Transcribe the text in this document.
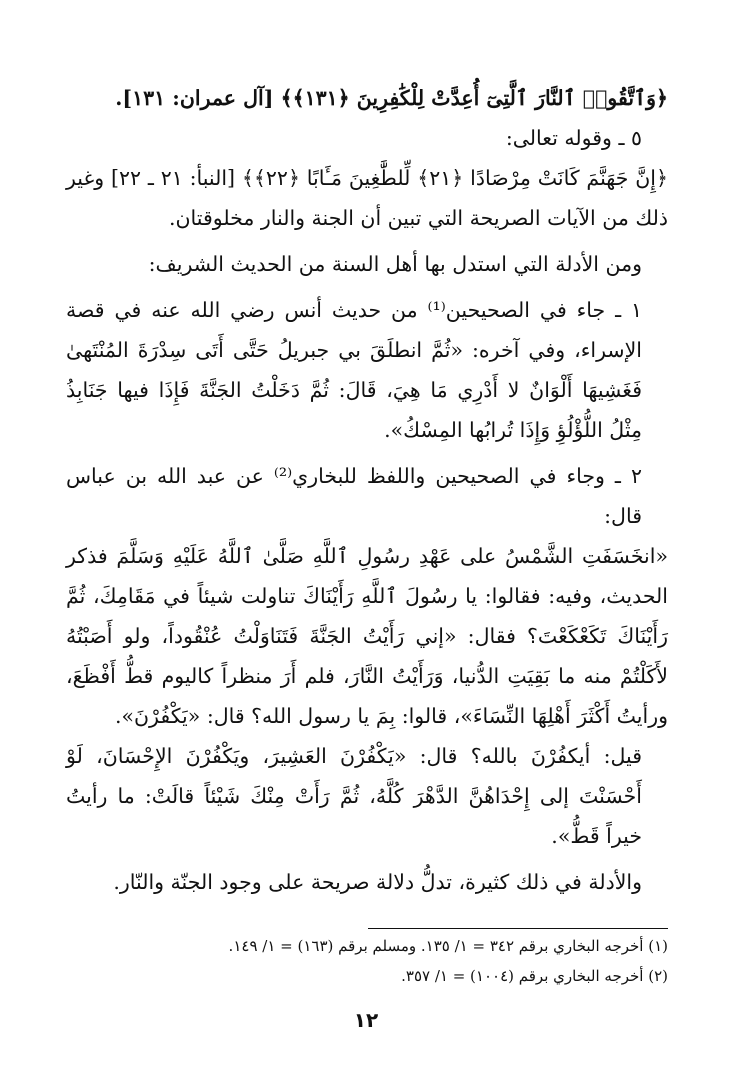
﴿وَٱتَّقُوا۟ ٱلنَّارَ ٱلَّتِىٓ أُعِدَّتْ لِلْكَٰفِرِينَ ﴿١٣١﴾﴾ [آل عمران: ١٣١].

٥ ـ وقوله تعالى:

﴿إِنَّ جَهَنَّمَ كَانَتْ مِرْصَادًا ﴿٢١﴾ لِّلطَّٰغِينَ مَـَٔابًا ﴿٢٢﴾﴾ [النبأ: ٢١ ـ ٢٢] وغير ذلك من الآيات الصريحة التي تبين أن الجنة والنار مخلوقتان.

ومن الأدلة التي استدل بها أهل السنة من الحديث الشريف:

١ ـ جاء في الصحيحين⁽¹⁾ من حديث أنس رضي الله عنه في قصة الإسراء، وفي آخره: «ثُمَّ انطلَقَ بي جبريلُ حَتَّى أَتَى سِدْرَةَ المُنْتَهىٰ فَغَشِيهَا أَلْوَانٌ لا أَدْرِي مَا هِيَ، قَالَ: ثُمَّ دَخَلْتُ الجَنَّةَ فَإِذَا فيها جَنَابِذُ مِثْلُ اللُّؤْلُؤِ وَإِذَا تُرابُها المِسْكُ».

٢ ـ وجاء في الصحيحين واللفظ للبخاري⁽²⁾ عن عبد الله بن عباس قال:

«انخَسَفَتِ الشَّمْسُ على عَهْدِ رسُولِ ٱللَّهِ صَلَّىٰ ٱللَّهُ عَلَيْهِ وَسَلَّمَ فذكر الحديث، وفيه: فقالوا: يا رسُولَ ٱللَّهِ رَأَيْنَاكَ تناولت شيئاً في مَقَامِكَ، ثُمَّ رَأَيْنَاكَ تَكَعْكَعْتَ؟ فقال: «إني رَأَيْتُ الجَنَّةَ فَتَنَاوَلْتُ عُنْقُوداً، ولو أَصَبْتُهُ لأَكَلْتُمْ منه ما بَقِيَتِ الدُّنيا، وَرَأَيْتُ النَّارَ، فلم أَرَ منظراً كاليوم قطُّ أَفْظَعَ، ورأيتُ أَكْثَرَ أَهْلِهَا النِّسَاءَ»، قالوا: بِمَ يا رسول الله؟ قال: «يَكْفُرْنَ».

قيل: أيكفُرْنَ بالله؟ قال: «يَكْفُرْنَ العَشِيرَ، ويَكْفُرْنَ الإِحْسَانَ، لَوْ أَحْسَنْتَ إلى إِحْدَاهُنَّ الدَّهْرَ كُلَّهُ، ثُمَّ رَأَتْ مِنْكَ شَيْئاً قالَتْ: ما رأيتُ خيراً قَطُّ».

والأدلة في ذلك كثيرة، تدلُّ دلالة صريحة على وجود الجنّة والنّار.

(١) أخرجه البخاري برقم ٣٤٢ = ١/ ١٣٥. ومسلم برقم (١٦٣) = ١/ ١٤٩.

(٢) أخرجه البخاري برقم (١٠٠٤) = ١/ ٣٥٧.

١٢
